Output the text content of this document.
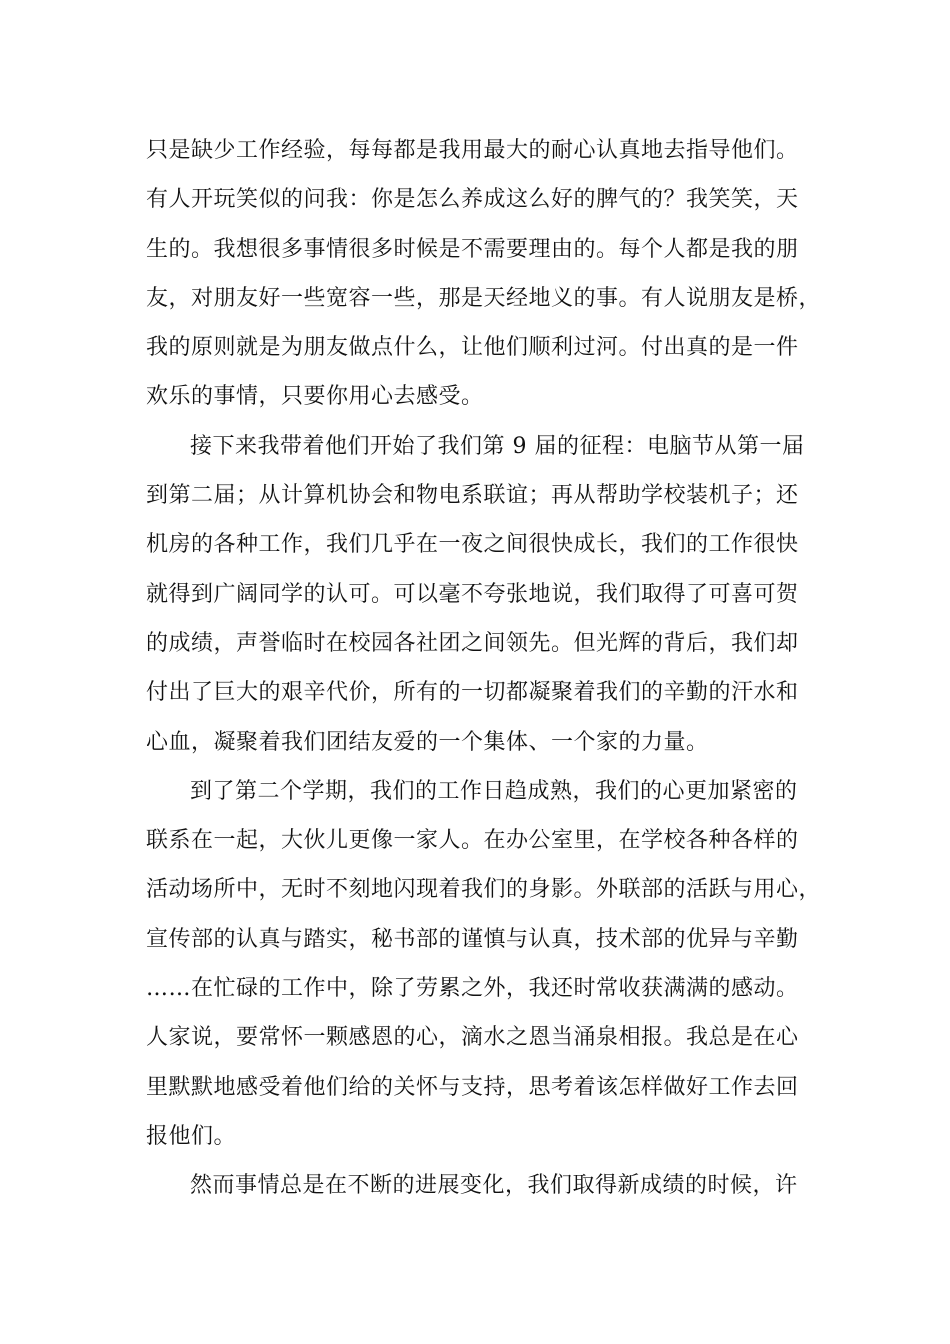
只是缺少工作经验，每每都是我用最大的耐心认真地去指导他们。
有人开玩笑似的问我：你是怎么养成这么好的脾气的？我笑笑，天
生的。我想很多事情很多时候是不需要理由的。每个人都是我的朋
友，对朋友好一些宽容一些，那是天经地义的事。有人说朋友是桥，
我的原则就是为朋友做点什么，让他们顺利过河。付出真的是一件
欢乐的事情，只要你用心去感受。
接下来我带着他们开始了我们第 9 届的征程：电脑节从第一届
到第二届；从计算机协会和物电系联谊；再从帮助学校装机子；还
机房的各种工作，我们几乎在一夜之间很快成长，我们的工作很快
就得到广阔同学的认可。可以毫不夸张地说，我们取得了可喜可贺
的成绩，声誉临时在校园各社团之间领先。但光辉的背后，我们却
付出了巨大的艰辛代价，所有的一切都凝聚着我们的辛勤的汗水和
心血，凝聚着我们团结友爱的一个集体、一个家的力量。
到了第二个学期，我们的工作日趋成熟，我们的心更加紧密的
联系在一起，大伙儿更像一家人。在办公室里，在学校各种各样的
活动场所中，无时不刻地闪现着我们的身影。外联部的活跃与用心，
宣传部的认真与踏实，秘书部的谨慎与认真，技术部的优异与辛勤
……在忙碌的工作中，除了劳累之外，我还时常收获满满的感动。
人家说，要常怀一颗感恩的心，滴水之恩当涌泉相报。我总是在心
里默默地感受着他们给的关怀与支持，思考着该怎样做好工作去回
报他们。
然而事情总是在不断的进展变化，我们取得新成绩的时候，许
